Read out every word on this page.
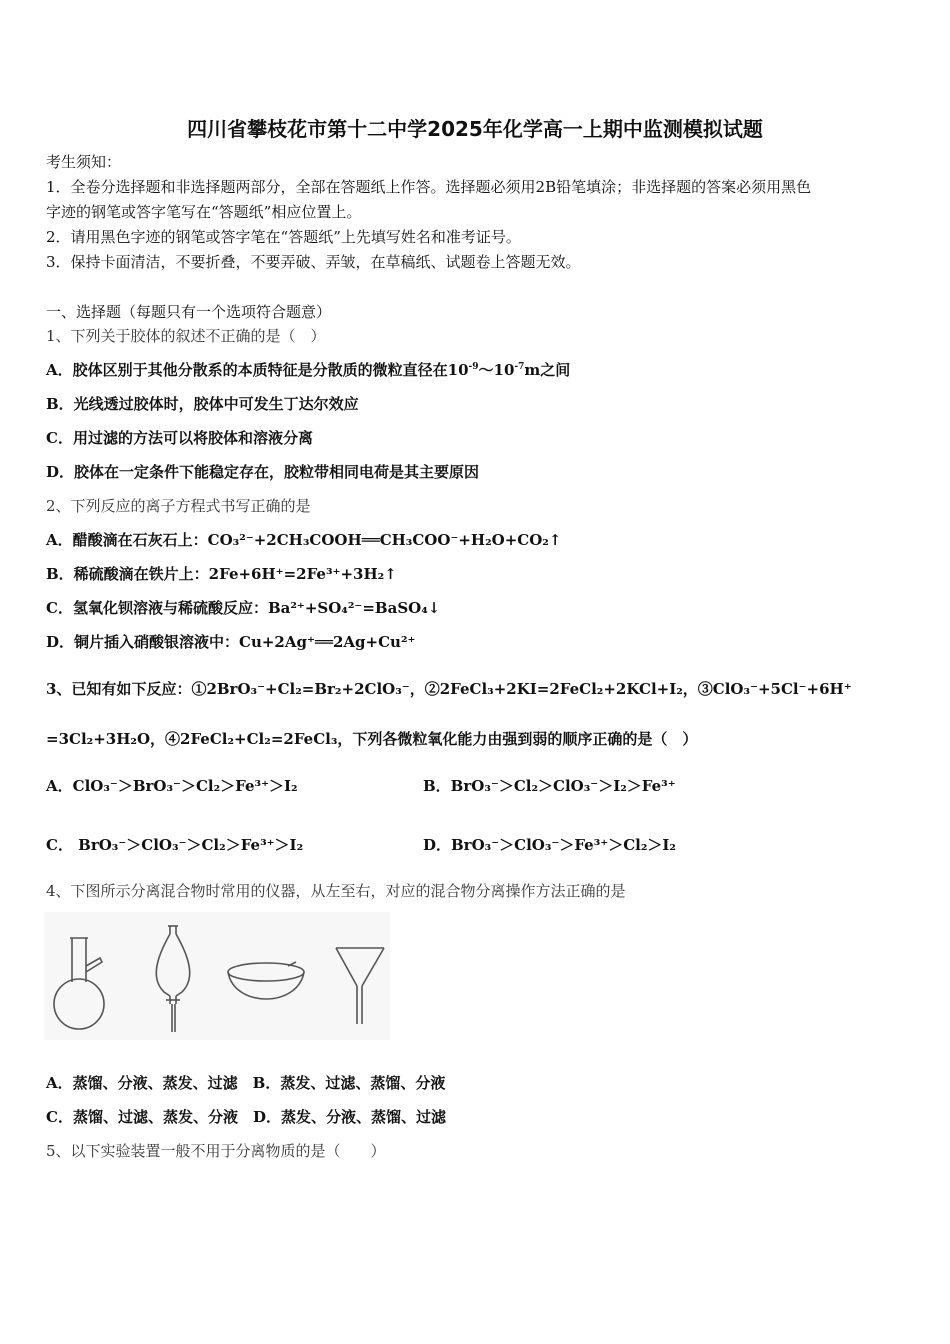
四川省攀枝花市第十二中学2025年化学高一上期中监测模拟试题
考生须知：
1．全卷分选择题和非选择题两部分，全部在答题纸上作答。选择题必须用2B铅笔填涂；非选择题的答案必须用黑色
字迹的钢笔或答字笔写在“答题纸”相应位置上。
2．请用黑色字迹的钢笔或答字笔在“答题纸”上先填写姓名和准考证号。
3．保持卡面清洁，不要折叠，不要弄破、弄皱，在草稿纸、试题卷上答题无效。
一、选择题（每题只有一个选项符合题意）
1、下列关于胶体的叙述不正确的是（　）
A．胶体区别于其他分散系的本质特征是分散质的微粒直径在$10^{-9}\sim 10^{-7}m$之间
B．光线透过胶体时，胶体中可发生丁达尔效应
C．用过滤的方法可以将胶体和溶液分离
D．胶体在一定条件下能稳定存在，胶粒带相同电荷是其主要原因
2、下列反应的离子方程式书写正确的是
A．醋酸滴在石灰石上：CO₃²⁻+2CH₃COOH══CH₃COO⁻+H₂O+CO₂↑
B．稀硫酸滴在铁片上：2Fe+6H⁺=2Fe³⁺+3H₂↑
C．氢氧化钡溶液与稀硫酸反应：Ba²⁺+SO₄²⁻=BaSO₄↓
D．铜片插入硝酸银溶液中：Cu+2Ag⁺══2Ag+Cu²⁺
3、已知有如下反应：①2BrO₃⁻+Cl₂=Br₂+2ClO₃⁻，②2FeCl₃+2KI=2FeCl₂+2KCl+I₂，③ClO₃⁻+5Cl⁻+6H⁺
=3Cl₂+3H₂O，④2FeCl₂+Cl₂=2FeCl₃，下列各微粒氧化能力由强到弱的顺序正确的是（　）
A．ClO₃⁻＞BrO₃⁻＞Cl₂＞Fe³⁺＞I₂	B．BrO₃⁻＞Cl₂＞ClO₃⁻＞I₂＞Fe³⁺
C． BrO₃⁻＞ClO₃⁻＞Cl₂＞Fe³⁺＞I₂	D．BrO₃⁻＞ClO₃⁻＞Fe³⁺＞Cl₂＞I₂
4、下图所示分离混合物时常用的仪器，从左至右，对应的混合物分离操作方法正确的是
A．蒸馏、分液、蒸发、过滤　B．蒸发、过滤、蒸馏、分液
C．蒸馏、过滤、蒸发、分液　D．蒸发、分液、蒸馏、过滤
5、以下实验装置一般不用于分离物质的是（　　）
